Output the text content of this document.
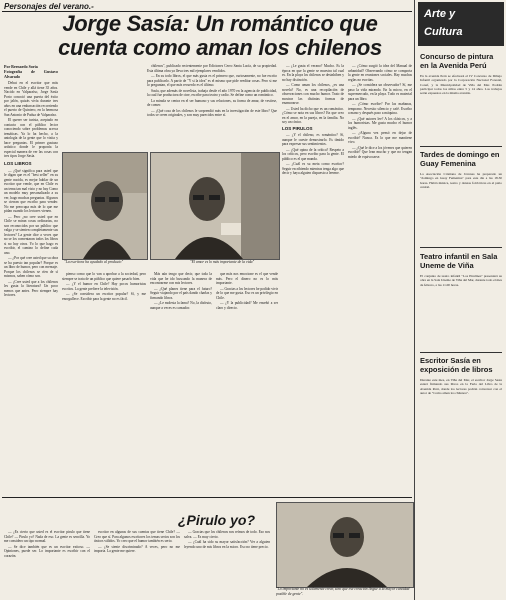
Personajes del verano.-
Jorge Sasía: Un romántico que cuenta como aman los chilenos
Por Bernardo Soria
Fotografía de Gustavo Alvarado

Debut en el escritor que más vende en Chile y allá tiene 35 años. Nacido en Valparaíso, Jorge Sasía Porto conoció una puerta del éxito por jalón, quizás vivía durante tres años en una embarcación recorriendo el puerto de Quintero, en la hermosa San Antonio de Padua de Valparaíso.

El querer ser turista, aceptado en contacto con el público lector conociendo sobre problemas acerca temáticas. Ya lo ha hecho, a la antología de la gente que lo visita y hace preguntas. El primer gustazo artístico donde le proponía la especial manera de ver las cosas con tres tipos Jorge Sasía.

LOS LIBROS

— ¿Qué significa para usted que le digan que es el "best seller" en su gente nacida, es mejor hablar de un escritor que vende, que en Chile es un tema tan mal visto y no hay Como un modelo muy personalizado a su ver, hago muchas preguntas. Algunos se cierran que escribo para vender. No me preocupa más de lo que me pidan cuando los lectores vienen.

— Pero ¿no cree usted que en Chile se miran cosas ordinarias, no son reconocidos por un público que valga y se sienten completamente sus lectores? La gente dice a veces que no se los comentaran todos los libros si no hay otros. Yo lo que hago es escribir, el camino lo define cada uno.

— ¿Por qué cree usted que su obra se ha puesto tan popular? Porque es un libro de humor, pero con mensaje. Porque los chilenos se ríen de sí mismos, saben cómo son.

— ¿Cree usted que a los chilenos les gusta la literatura? Un poco menos que antes. Pero siempre hay lectores.

chilenos", publicado recientemente por Ediciones Cerro Santa Lucía, de su propiedad. Esta última obra ya lleva tres mil ejemplares vendidos.

— En su todo libros, el que más gusta es el primero que, curiosamente, no fue escrito para publicarlo. A partir de "Y si la idea" es el mismo que pide reeditar cosas. Pero si me lo preguntan, el que más recuerdo es el último.

Sasía, que además de novelista, trabaja desde el año 1970 en la agencia de publicidad, la cual fue productora de cine, escribe para teatro y radio. Se define como un romántico.

La mirada se centra en el ser humano y sus relaciones, su forma de amar, de vestirse, de comer.

— ¿Qué cosa de los chilenos le sorprendió más en la investigación de este libro? Que todos se creen originales, y son muy parecidos entre sí.

— ¿Le gusta el verano? Mucho. Es la época en que la gente se muestra tal cual es. En la playa los chilenos se desinhiben y no hay distinción.

— Como aman los chilenos, ¿es una novela? No, es una recopilación de observaciones con mucho humor. Trato de mostrar las distintas formas de enamorarse.

— Usted ha dicho que es un romántico. ¿Cómo se nota en sus libros? En que creo en el amor, en la pareja, en la familia. No soy un cínico.

LOS PIRULOS

— ¿Y el chileno, es romántico? Sí, aunque le cueste demostrarlo. Es tímido para expresar sus sentimientos.

— ¿Qué opina de la crítica? Respeto a los críticos, pero escribo para la gente. El público es el que manda.

— ¿Cuál es su meta como escritor? Seguir escribiendo mientras tenga algo que decir y haya alguien dispuesto a leerme.

— ¿Cómo surgió la idea del Manual de urbanidad? Observando cómo se comporta la gente en reuniones sociales. Hay muchas reglas no escritas.

— ¿Se considera un observador? Sí, me paso la vida mirando. En la micro, en el supermercado, en la playa. Todo es material para un libro.

— ¿Cómo escribe? Por las mañanas, temprano. Necesito silencio y café. Escribo a mano y después paso a máquina.

— ¿Qué autores lee? A los clásicos, y a los humoristas. Me gusta mucho el humor inglés.

— ¿Alguna vez pensó en dejar de escribir? Nunca. Es lo que me mantiene vivo.

— ¿Qué le dice a los jóvenes que quieren escribir? Que lean mucho y que no tengan miedo de equivocarse.

"La escritora ha ayudado al producto"	"El amor es lo más importante de la vida"

pienso como que lo van a aprobar a la sociedad, pero siempre se trata de un público que quiere pasarlo bien.

— ¿Y el humor en Chile? Hay pocos humoristas escritos. La gente prefiere la televisión.

— ¿Se considera un escritor popular? Sí, y me enorgullece. Escribir para la gente no es fácil.

Más aún tengo que decir, que toda la vida que he ido buscando la manera de encontrarme con mis lectores.

— ¿Qué planes tiene para el futuro? Seguir viajando por el país dando charlas y firmando libros.

— ¿Le molesta la fama? No, la disfruto, aunque a veces es cansador.

que más nos emocione es el que vende más. Pero el dinero no es lo más importante.

— Gracias a los lectores he podido vivir de lo que me gusta. Eso es un privilegio en Chile.

— ¿Y la publicidad? Me enseñó a ser claro y directo.

¿Pirulo yo?

— ¿Es cierto que usted es el escritor pirulo que tiene Chile? — Pirulo yo? Nada de eso. La gente es sencilla. Yo me considero un tipo normal.

— Se dice también que es un escritor exitoso. — Opiniones, puede ser. Lo importante es escribir con el corazón.

escritor en algunas de sus cuentas que tiene Chile? — Creo que sí. Para algunos escritores los temas serios son los únicos válidos. Yo creo que el humor también es serio.

— ¿Se siente discriminado? A veces, pero no me importa. La gente me quiere.

— Gracias que los chilenos nos reímos de todo. Eso nos salva. — Es muy cierto.

— ¿Cuál ha sido su mayor satisfacción? Ver a alguien leyendo uno de mis libros en la micro. Eso no tiene precio.

"Lo importante no es solamente crear, sino que ese creación llegue a la mayor cantidad posible de gente".
Arte y
Cultura
Concurso de pintura en la Avenida Perú
En la avenida Perú se efectuará el IV Concurso de Dibujo Infantil organizado por la Corporación Nacional Forestal, Conaf, y la Municipalidad de Viña del Mar. Podrán participar todos los niños entre 5 y 14 años. Los trabajos serán expuestos en la misma avenida.
Tardes de domingo en Guay Femenina
La Asociación Cristiana de Jóvenes ha preparado un "domingo en Guay Femenina" para este día a las 18.30 horas. Habrá música, teatro y danzas folclóricas en el patio central.
Teatro infantil en Sala Uneme de Viña
El conjunto de teatro infantil "Los Pirulines" presentará su obra en la Sala Uneme de Viña del Mar, durante todo el mes de febrero, a las 11.00 horas.
Escritor Sasía en exposición de libros
Durante este mes, en Viña del Mar, el escritor Jorge Sasía estará firmando sus libros en la Feria del Libro de la Avenida Perú, donde los lectores podrán conversar con el autor de "Como aman los chilenos".
